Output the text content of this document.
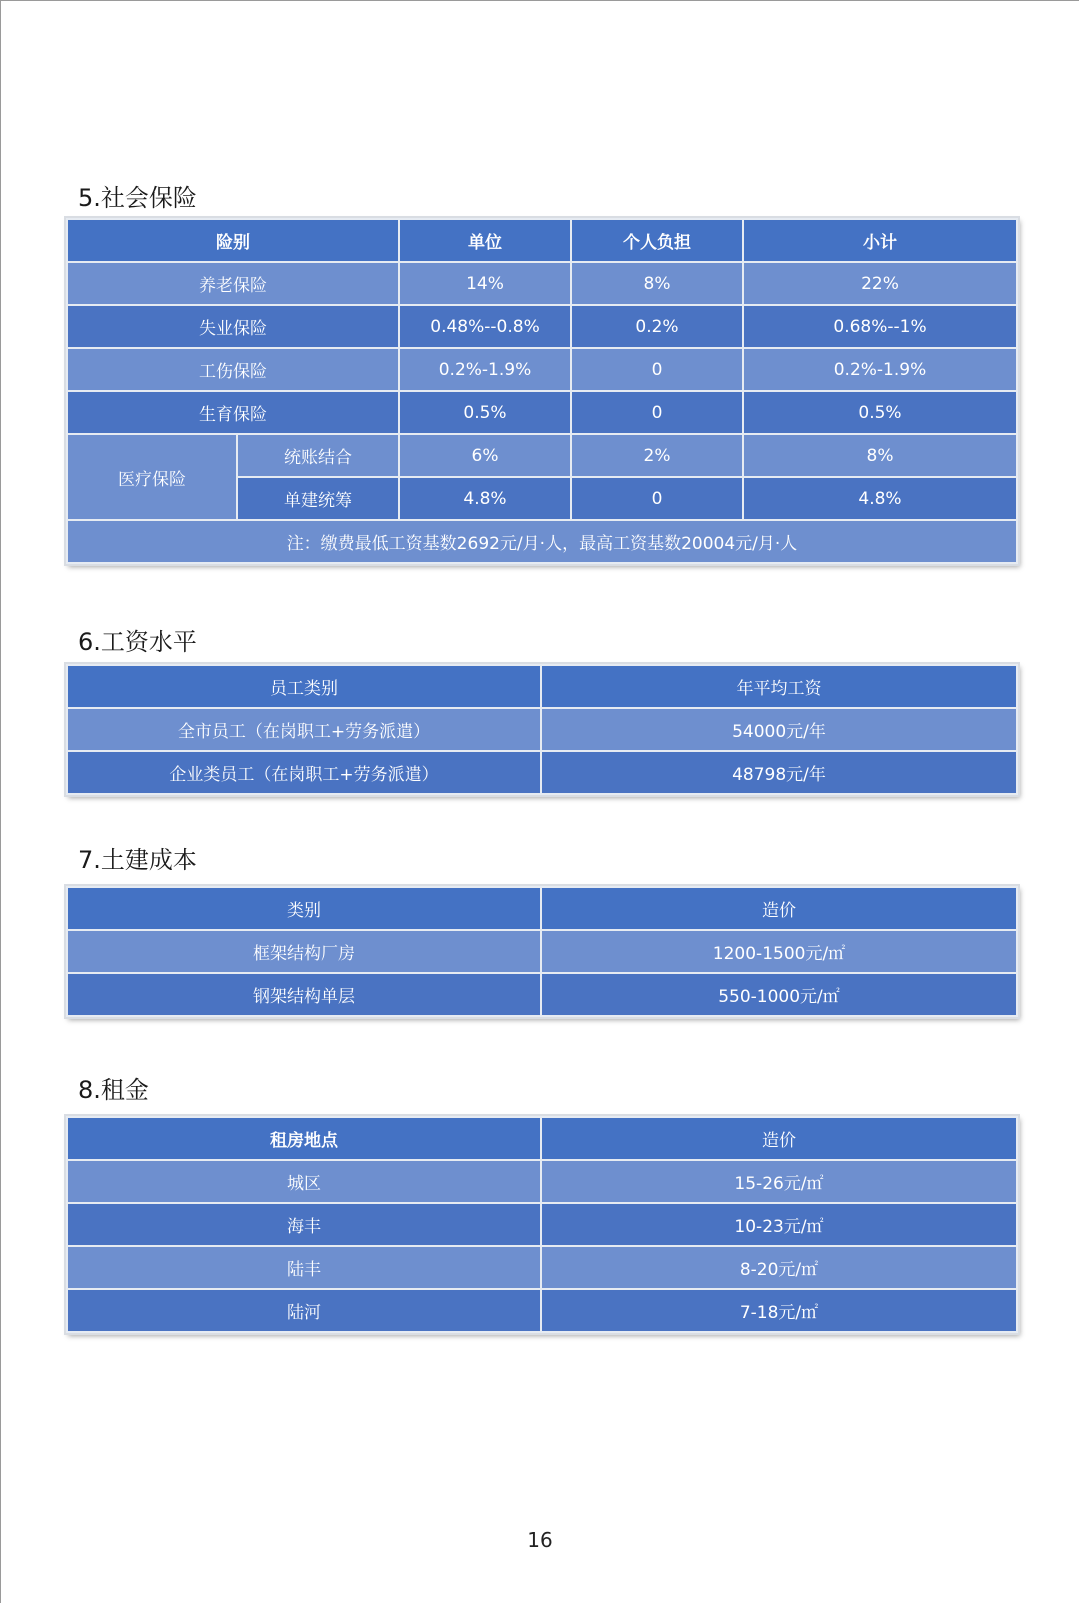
5.社会保险
险别		单位	个人负担	小计
养老保险		14%	8%	22%
失业保险		0.48%--0.8%	0.2%	0.68%--1%
工伤保险		0.2%-1.9%	0	0.2%-1.9%
生育保险		0.5%	0	0.5%
医疗保险	统账结合	6%	2%	8%
	单建统筹	4.8%	0	4.8%
注：缴费最低工资基数2692元/月·人，最高工资基数20004元/月·人				
6.工资水平
员工类别	年平均工资
全市员工（在岗职工+劳务派遣）	54000元/年
企业类员工（在岗职工+劳务派遣）	48798元/年
7.土建成本
类别	造价
框架结构厂房	1200-1500元/㎡
钢架结构单层	550-1000元/㎡
8.租金
租房地点	造价
城区	15-26元/㎡
海丰	10-23元/㎡
陆丰	8-20元/㎡
陆河	7-18元/㎡
16
